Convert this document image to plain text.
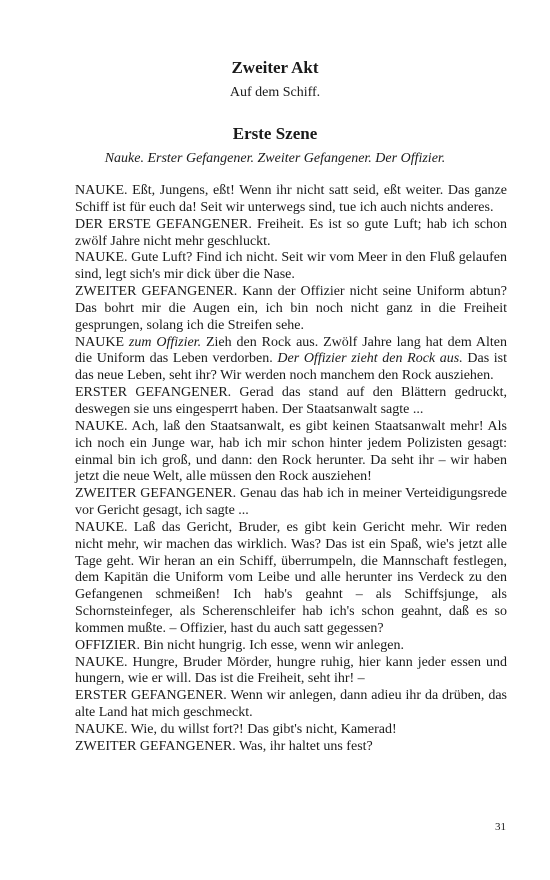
Zweiter Akt

Auf dem Schiff.

Erste Szene

Nauke. Erster Gefangener. Zweiter Gefangener. Der Offizier.

NAUKE. Eßt, Jungens, eßt! Wenn ihr nicht satt seid, eßt weiter. Das ganze Schiff ist für euch da! Seit wir unterwegs sind, tue ich auch nichts anderes.

DER ERSTE GEFANGENER. Freiheit. Es ist so gute Luft; hab ich schon zwölf Jahre nicht mehr geschluckt.

NAUKE. Gute Luft? Find ich nicht. Seit wir vom Meer in den Fluß gelaufen sind, legt sich's mir dick über die Nase.

ZWEITER GEFANGENER. Kann der Offizier nicht seine Uniform abtun? Das bohrt mir die Augen ein, ich bin noch nicht ganz in die Freiheit gesprungen, solang ich die Streifen sehe.

NAUKE zum Offizier. Zieh den Rock aus. Zwölf Jahre lang hat dem Alten die Uniform das Leben verdorben. Der Offizier zieht den Rock aus. Das ist das neue Leben, seht ihr? Wir werden noch manchem den Rock ausziehen.

ERSTER GEFANGENER. Gerad das stand auf den Blättern gedruckt, deswegen sie uns eingesperrt haben. Der Staatsanwalt sagte ...

NAUKE. Ach, laß den Staatsanwalt, es gibt keinen Staatsanwalt mehr! Als ich noch ein Junge war, hab ich mir schon hinter jedem Polizisten gesagt: einmal bin ich groß, und dann: den Rock herunter. Da seht ihr – wir haben jetzt die neue Welt, alle müssen den Rock ausziehen!

ZWEITER GEFANGENER. Genau das hab ich in meiner Verteidigungsrede vor Gericht gesagt, ich sagte ...

NAUKE. Laß das Gericht, Bruder, es gibt kein Gericht mehr. Wir reden nicht mehr, wir machen das wirklich. Was? Das ist ein Spaß, wie's jetzt alle Tage geht. Wir heran an ein Schiff, überrumpeln, die Mannschaft festlegen, dem Kapitän die Uniform vom Leibe und alle herunter ins Verdeck zu den Gefangenen schmeißen! Ich hab's geahnt – als Schiffsjunge, als Schornsteinfeger, als Scherenschleifer hab ich's schon geahnt, daß es so kommen mußte. – Offizier, hast du auch satt gegessen?

OFFIZIER. Bin nicht hungrig. Ich esse, wenn wir anlegen.

NAUKE. Hungre, Bruder Mörder, hungre ruhig, hier kann jeder essen und hungern, wie er will. Das ist die Freiheit, seht ihr! –

ERSTER GEFANGENER. Wenn wir anlegen, dann adieu ihr da drüben, das alte Land hat mich geschmeckt.

NAUKE. Wie, du willst fort?! Das gibt's nicht, Kamerad!

ZWEITER GEFANGENER. Was, ihr haltet uns fest?

31
